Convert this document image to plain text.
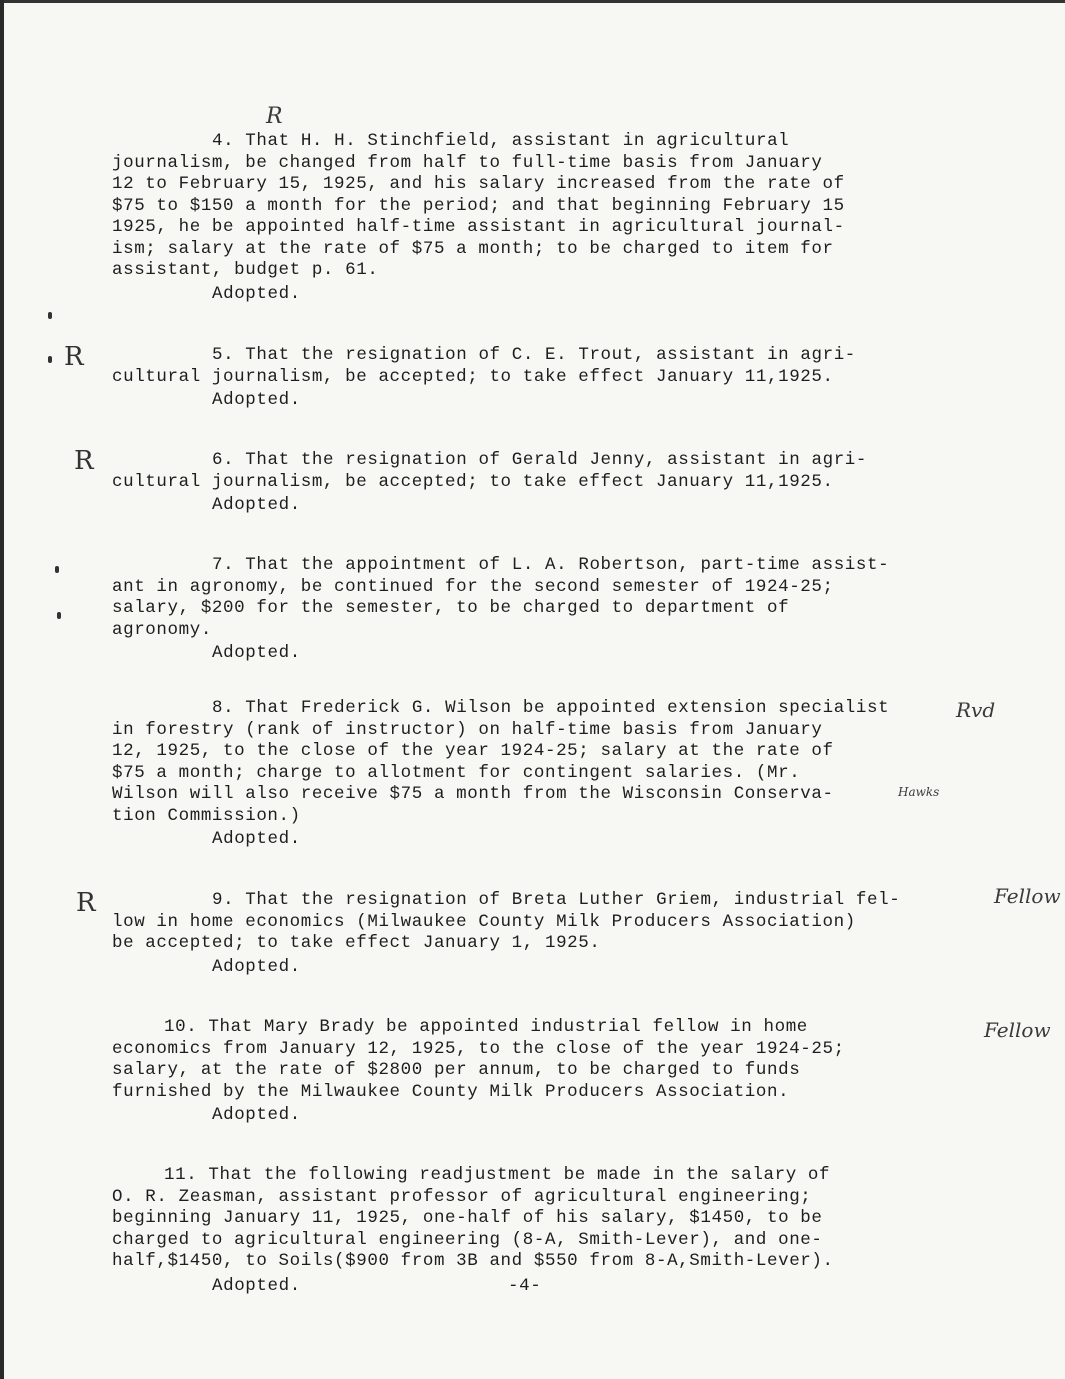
4. That H. H. Stinchfield, assistant in agricultural
journalism, be changed from half to full-time basis from January
12 to February 15, 1925, and his salary increased from the rate of
$75 to $150 a month for the period; and that beginning February 15
1925, he be appointed half-time assistant in agricultural journal-
ism; salary at the rate of $75 a month; to be charged to item for
assistant, budget p. 61.
Adopted.
R
5. That the resignation of C. E. Trout, assistant in agri-
cultural journalism, be accepted; to take effect January 11,1925.
Adopted.
R
6. That the resignation of Gerald Jenny, assistant in agri-
cultural journalism, be accepted; to take effect January 11,1925.
Adopted.
R
7. That the appointment of L. A. Robertson, part-time assist-
ant in agronomy, be continued for the second semester of 1924-25;
salary, $200 for the semester, to be charged to department of
agronomy.
Adopted.
8. That Frederick G. Wilson be appointed extension specialist
in forestry (rank of instructor) on half-time basis from January
12, 1925, to the close of the year 1924-25; salary at the rate of
$75 a month; charge to allotment for contingent salaries. (Mr.
Wilson will also receive $75 a month from the Wisconsin Conserva-
tion Commission.)
Adopted.
Rvd
Hawks
9. That the resignation of Breta Luther Griem, industrial fel-
low in home economics (Milwaukee County Milk Producers Association)
be accepted; to take effect January 1, 1925.
Adopted.
R	Fellow
10. That Mary Brady be appointed industrial fellow in home
economics from January 12, 1925, to the close of the year 1924-25;
salary, at the rate of $2800 per annum, to be charged to funds
furnished by the Milwaukee County Milk Producers Association.
Adopted.
Fellow
11. That the following readjustment be made in the salary of
O. R. Zeasman, assistant professor of agricultural engineering;
beginning January 11, 1925, one-half of his salary, $1450, to be
charged to agricultural engineering (8-A, Smith-Lever), and one-
half,$1450, to Soils($900 from 3B and $550 from 8-A,Smith-Lever).
Adopted.	-4-
